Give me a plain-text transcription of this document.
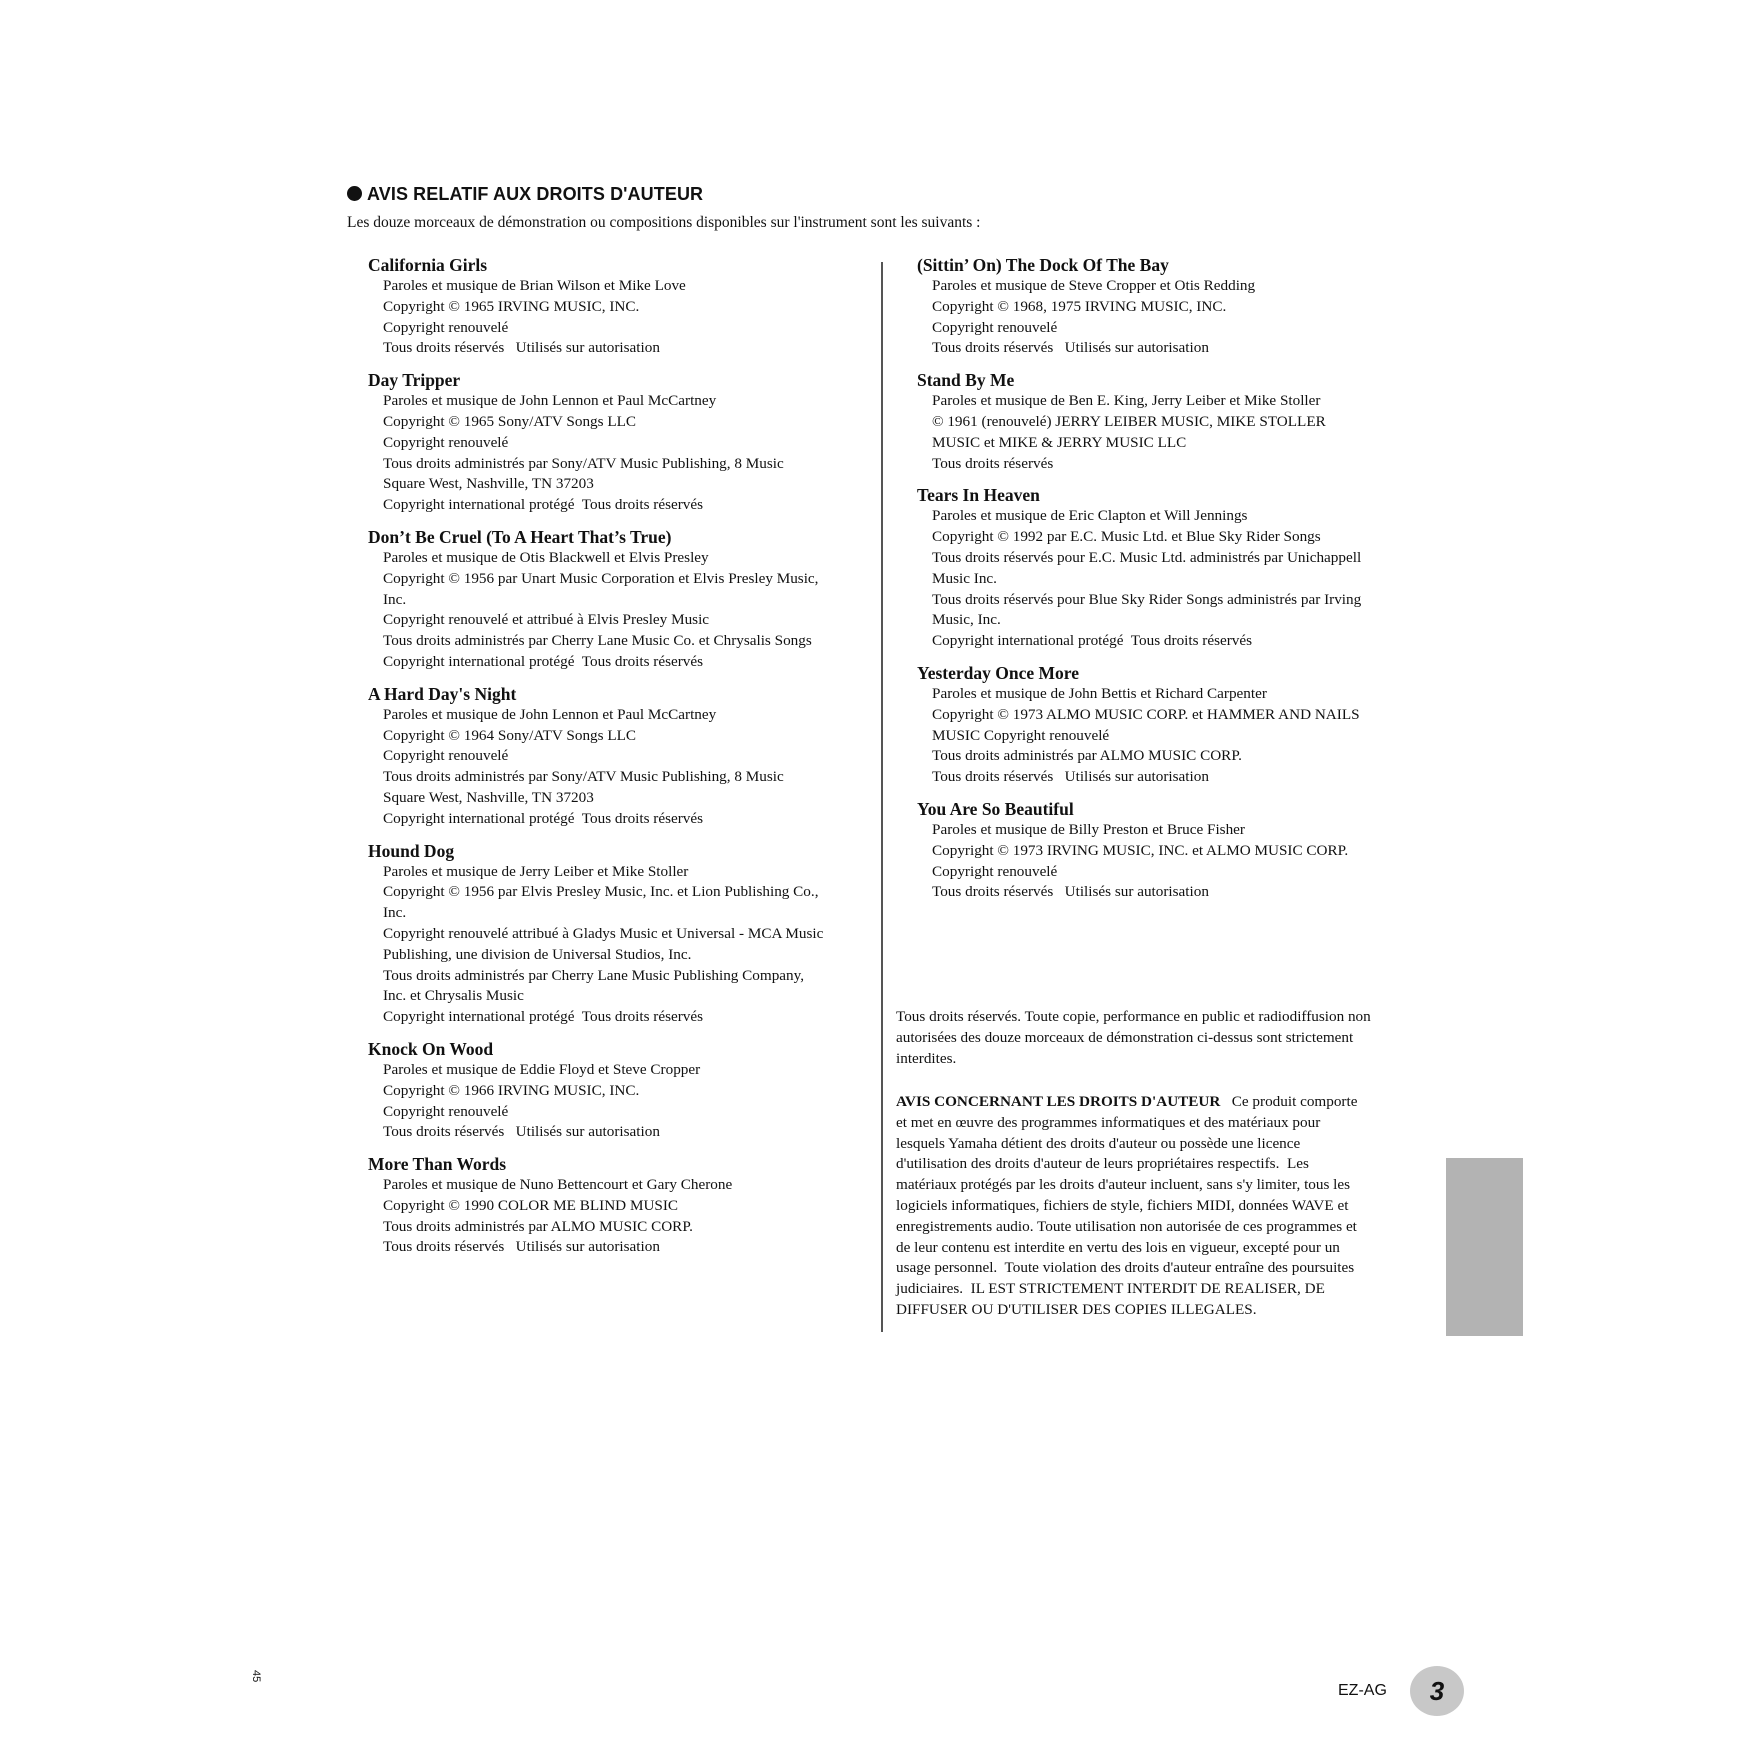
AVIS RELATIF AUX DROITS D'AUTEUR
Les douze morceaux de démonstration ou compositions disponibles sur l'instrument sont les suivants :
California Girls
Paroles et musique de Brian Wilson et Mike Love
Copyright © 1965 IRVING MUSIC, INC.
Copyright renouvelé
Tous droits réservés   Utilisés sur autorisation
Day Tripper
Paroles et musique de John Lennon et Paul McCartney
Copyright © 1965 Sony/ATV Songs LLC
Copyright renouvelé
Tous droits administrés par Sony/ATV Music Publishing, 8 Music
Square West, Nashville, TN 37203
Copyright international protégé  Tous droits réservés
Don’t Be Cruel (To A Heart That’s True)
Paroles et musique de Otis Blackwell et Elvis Presley
Copyright © 1956 par Unart Music Corporation et Elvis Presley Music,
Inc.
Copyright renouvelé et attribué à Elvis Presley Music
Tous droits administrés par Cherry Lane Music Co. et Chrysalis Songs
Copyright international protégé  Tous droits réservés
A Hard Day's Night
Paroles et musique de John Lennon et Paul McCartney
Copyright © 1964 Sony/ATV Songs LLC
Copyright renouvelé
Tous droits administrés par Sony/ATV Music Publishing, 8 Music
Square West, Nashville, TN 37203
Copyright international protégé  Tous droits réservés
Hound Dog
Paroles et musique de Jerry Leiber et Mike Stoller
Copyright © 1956 par Elvis Presley Music, Inc. et Lion Publishing Co.,
Inc.
Copyright renouvelé attribué à Gladys Music et Universal - MCA Music
Publishing, une division de Universal Studios, Inc.
Tous droits administrés par Cherry Lane Music Publishing Company,
Inc. et Chrysalis Music
Copyright international protégé  Tous droits réservés
Knock On Wood
Paroles et musique de Eddie Floyd et Steve Cropper
Copyright © 1966 IRVING MUSIC, INC.
Copyright renouvelé
Tous droits réservés   Utilisés sur autorisation
More Than Words
Paroles et musique de Nuno Bettencourt et Gary Cherone
Copyright © 1990 COLOR ME BLIND MUSIC
Tous droits administrés par ALMO MUSIC CORP.
Tous droits réservés   Utilisés sur autorisation
(Sittin’ On) The Dock Of The Bay
Paroles et musique de Steve Cropper et Otis Redding
Copyright © 1968, 1975 IRVING MUSIC, INC.
Copyright renouvelé
Tous droits réservés   Utilisés sur autorisation
Stand By Me
Paroles et musique de Ben E. King, Jerry Leiber et Mike Stoller
© 1961 (renouvelé) JERRY LEIBER MUSIC, MIKE STOLLER
MUSIC et MIKE & JERRY MUSIC LLC
Tous droits réservés
Tears In Heaven
Paroles et musique de Eric Clapton et Will Jennings
Copyright © 1992 par E.C. Music Ltd. et Blue Sky Rider Songs
Tous droits réservés pour E.C. Music Ltd. administrés par Unichappell
Music Inc.
Tous droits réservés pour Blue Sky Rider Songs administrés par Irving
Music, Inc.
Copyright international protégé  Tous droits réservés
Yesterday Once More
Paroles et musique de John Bettis et Richard Carpenter
Copyright © 1973 ALMO MUSIC CORP. et HAMMER AND NAILS
MUSIC Copyright renouvelé
Tous droits administrés par ALMO MUSIC CORP.
Tous droits réservés   Utilisés sur autorisation
You Are So Beautiful
Paroles et musique de Billy Preston et Bruce Fisher
Copyright © 1973 IRVING MUSIC, INC. et ALMO MUSIC CORP.
Copyright renouvelé
Tous droits réservés   Utilisés sur autorisation
Tous droits réservés. Toute copie, performance en public et radiodiffusion non
autorisées des douze morceaux de démonstration ci-dessus sont strictement
interdites.
AVIS CONCERNANT LES DROITS D'AUTEUR   Ce produit comporte
et met en œuvre des programmes informatiques et des matériaux pour
lesquels Yamaha détient des droits d'auteur ou possède une licence
d'utilisation des droits d'auteur de leurs propriétaires respectifs.  Les
matériaux protégés par les droits d'auteur incluent, sans s'y limiter, tous les
logiciels informatiques, fichiers de style, fichiers MIDI, données WAVE et
enregistrements audio. Toute utilisation non autorisée de ces programmes et
de leur contenu est interdite en vertu des lois en vigueur, excepté pour un
usage personnel.  Toute violation des droits d'auteur entraîne des poursuites
judiciaires.  IL EST STRICTEMENT INTERDIT DE REALISER, DE
DIFFUSER OU D'UTILISER DES COPIES ILLEGALES.
45
EZ-AG	3
